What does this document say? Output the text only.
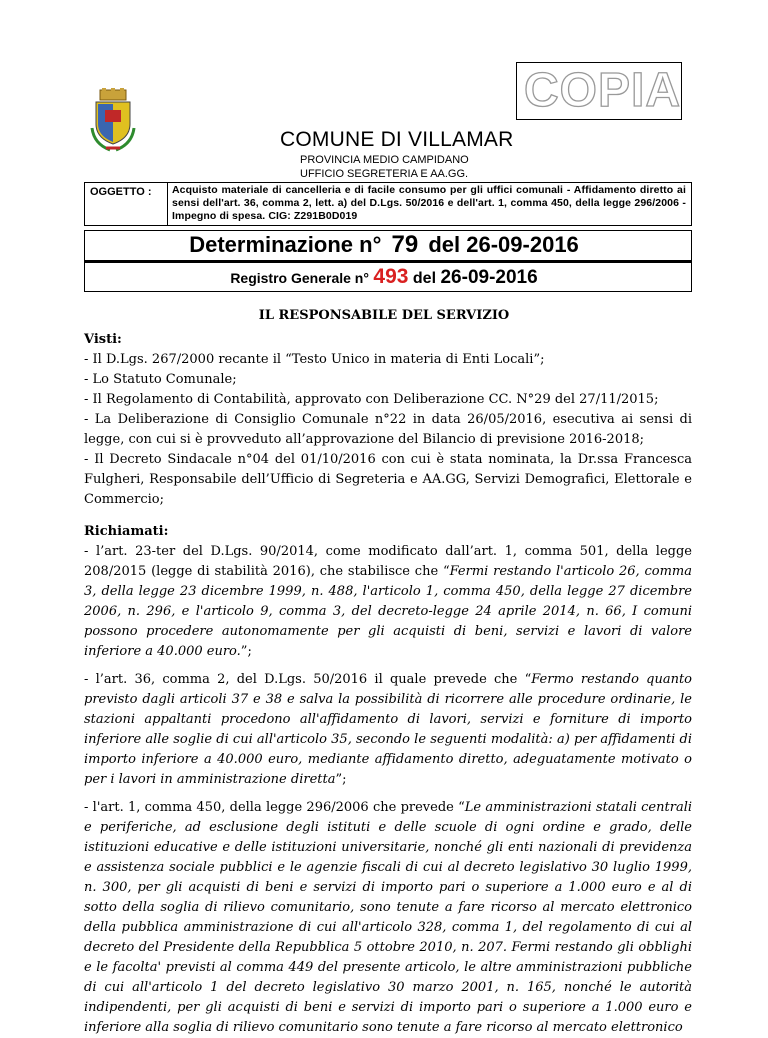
COPIA
COMUNE DI VILLAMAR
PROVINCIA MEDIO CAMPIDANO
UFFICIO SEGRETERIA E AA.GG.
OGGETTO : Acquisto materiale di cancelleria e di facile consumo per gli uffici comunali - Affidamento diretto ai sensi dell'art. 36, comma 2, lett. a) del D.Lgs. 50/2016 e dell'art. 1, comma 450, della legge 296/2006 - Impegno di spesa. CIG: Z291B0D019
Determinazione n° 79 del 26-09-2016
Registro Generale n° 493 del 26-09-2016
IL RESPONSABILE DEL SERVIZIO

Visti:

- Il D.Lgs. 267/2000 recante il “Testo Unico in materia di Enti Locali”;

- Lo Statuto Comunale;

- Il Regolamento di Contabilità, approvato con Deliberazione CC. N°29 del 27/11/2015;

- La Deliberazione di Consiglio Comunale n°22 in data 26/05/2016, esecutiva ai sensi di legge, con cui si è provveduto all’approvazione del Bilancio di previsione 2016-2018;

- Il Decreto Sindacale n°04 del 01/10/2016 con cui è stata nominata, la Dr.ssa Francesca Fulgheri, Responsabile dell’Ufficio di Segreteria e AA.GG, Servizi Demografici, Elettorale e Commercio;

Richiamati:

- l’art. 23-ter del D.Lgs. 90/2014, come modificato dall’art. 1, comma 501, della legge 208/2015 (legge di stabilità 2016), che stabilisce che “Fermi restando l'articolo 26, comma 3, della legge 23 dicembre 1999, n. 488, l'articolo 1, comma 450, della legge 27 dicembre 2006, n. 296, e l'articolo 9, comma 3, del decreto-legge 24 aprile 2014, n. 66, I comuni possono procedere autonomamente per gli acquisti di beni, servizi e lavori di valore inferiore a 40.000 euro.”;

- l’art. 36, comma 2, del D.Lgs. 50/2016 il quale prevede che “Fermo restando quanto previsto dagli articoli 37 e 38 e salva la possibilità di ricorrere alle procedure ordinarie, le stazioni appaltanti procedono all'affidamento di lavori, servizi e forniture di importo inferiore alle soglie di cui all'articolo 35, secondo le seguenti modalità: a) per affidamenti di importo inferiore a 40.000 euro, mediante affidamento diretto, adeguatamente motivato o per i lavori in amministrazione diretta”;

- l'art. 1, comma 450, della legge 296/2006 che prevede “Le amministrazioni statali centrali e periferiche, ad esclusione degli istituti e delle scuole di ogni ordine e grado, delle istituzioni educative e delle istituzioni universitarie, nonché gli enti nazionali di previdenza e assistenza sociale pubblici e le agenzie fiscali di cui al decreto legislativo 30 luglio 1999, n. 300, per gli acquisti di beni e servizi di importo pari o superiore a 1.000 euro e al di sotto della soglia di rilievo comunitario, sono tenute a fare ricorso al mercato elettronico della pubblica amministrazione di cui all'articolo 328, comma 1, del regolamento di cui al decreto del Presidente della Repubblica 5 ottobre 2010, n. 207. Fermi restando gli obblighi e le facolta' previsti al comma 449 del presente articolo, le altre amministrazioni pubbliche di cui all'articolo 1 del decreto legislativo 30 marzo 2001, n. 165, nonché le autorità indipendenti, per gli acquisti di beni e servizi di importo pari o superiore a 1.000 euro e inferiore alla soglia di rilievo comunitario sono tenute a fare ricorso al mercato elettronico
